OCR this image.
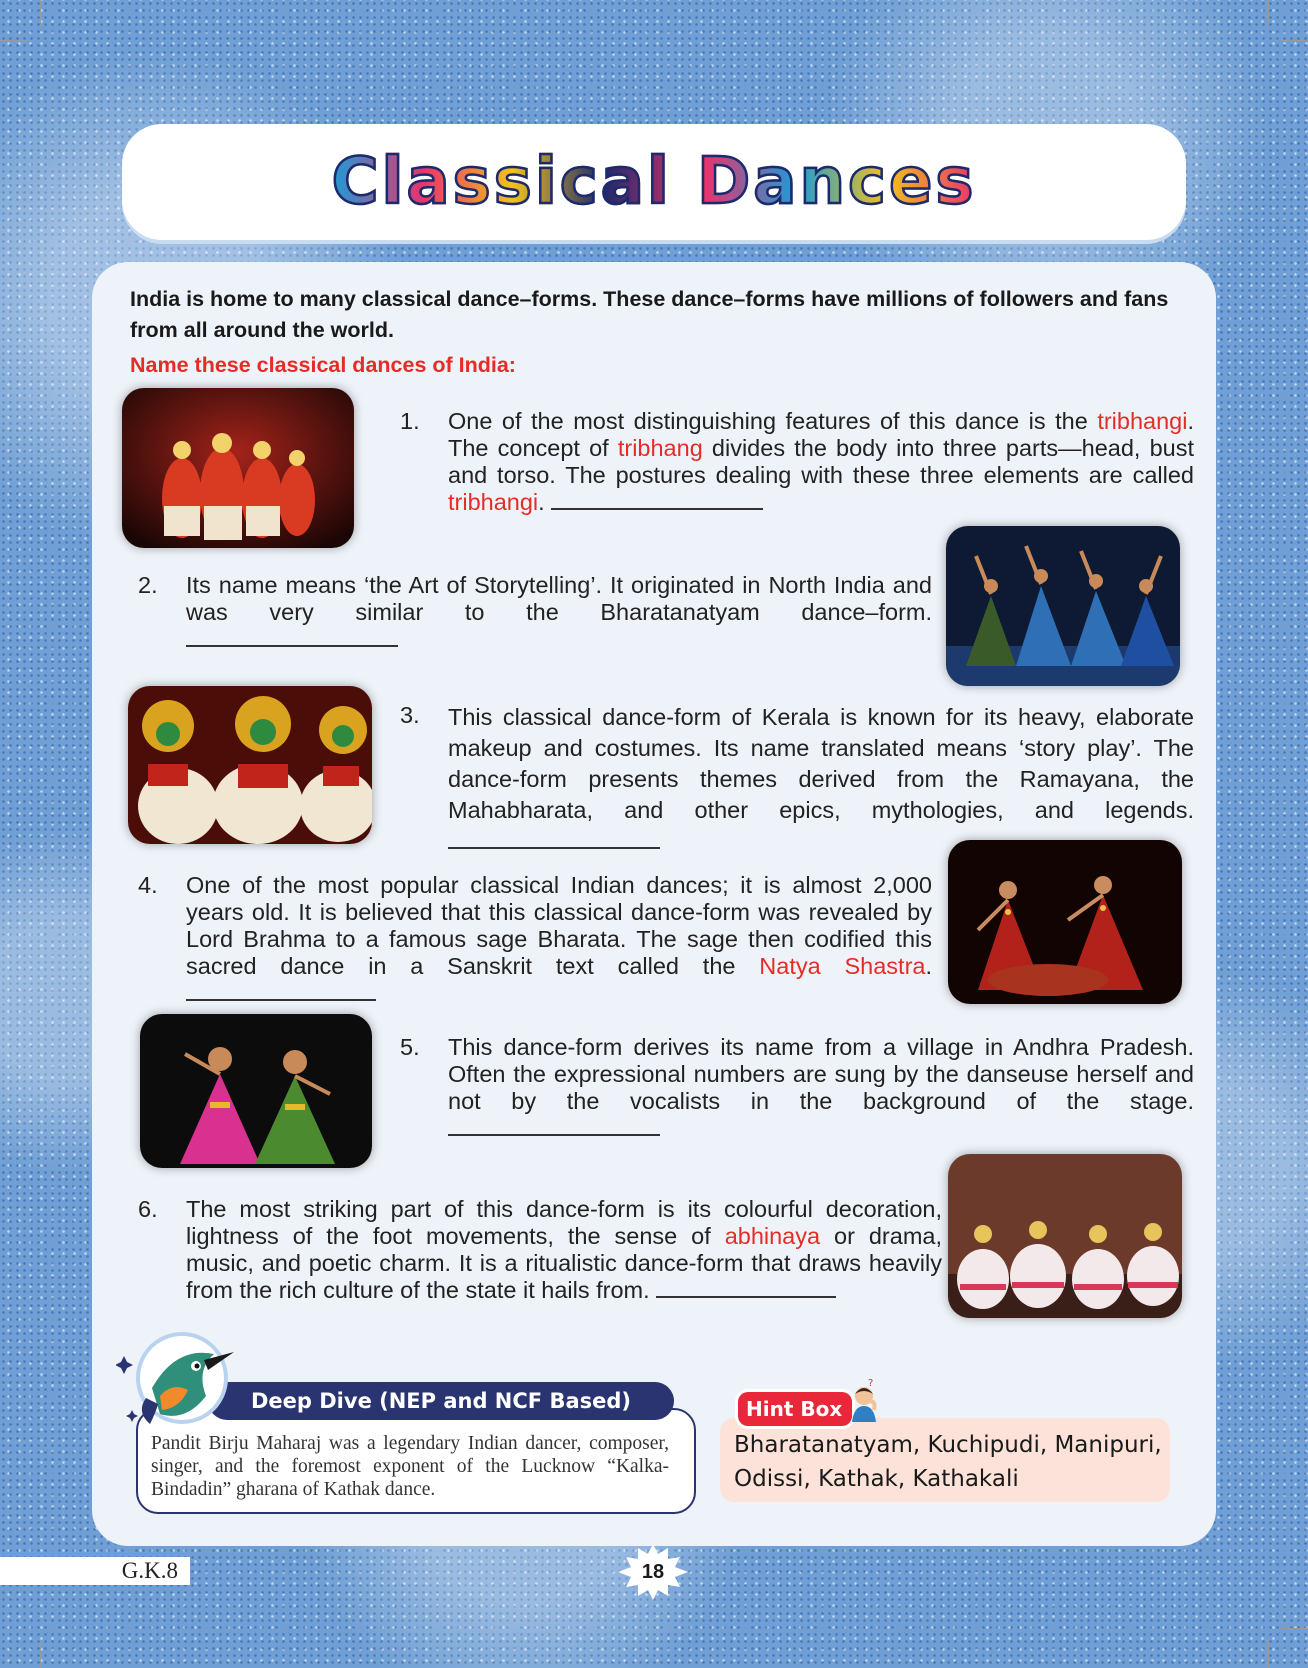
Classical Dances
India is home to many classical dance–forms. These dance–forms have millions of followers and fans from all around the world.
Name these classical dances of India:
1. One of the most distinguishing features of this dance is the tribhangi. The concept of tribhang divides the body into three parts—head, bust and torso. The postures dealing with these three elements are called tribhangi.
2. Its name means ‘the Art of Storytelling’. It originated in North India and was very similar to the Bharatanatyam dance–form.
3. This classical dance-form of Kerala is known for its heavy, elaborate makeup and costumes. Its name translated means ‘story play’. The dance-form presents themes derived from the Ramayana, the Mahabharata, and other epics, mythologies, and legends.
4. One of the most popular classical Indian dances; it is almost 2,000 years old. It is believed that this classical dance-form was revealed by Lord Brahma to a famous sage Bharata. The sage then codified this sacred dance in a Sanskrit text called the Natya Shastra.
5. This dance-form derives its name from a village in Andhra Pradesh. Often the expressional numbers are sung by the danseuse herself and not by the vocalists in the background of the stage.
6. The most striking part of this dance-form is its colourful decoration, lightness of the foot movements, the sense of abhinaya or drama, music, and poetic charm. It is a ritualistic dance-form that draws heavily from the rich culture of the state it hails from.
Deep Dive (NEP and NCF Based)
Pandit Birju Maharaj was a legendary Indian dancer, composer, singer, and the foremost exponent of the Lucknow “Kalka-Bindadin” gharana of Kathak dance.
Bharatanatyam, Kuchipudi, Manipuri, Odissi, Kathak, Kathakali
Hint Box
?
G.K.8	18
